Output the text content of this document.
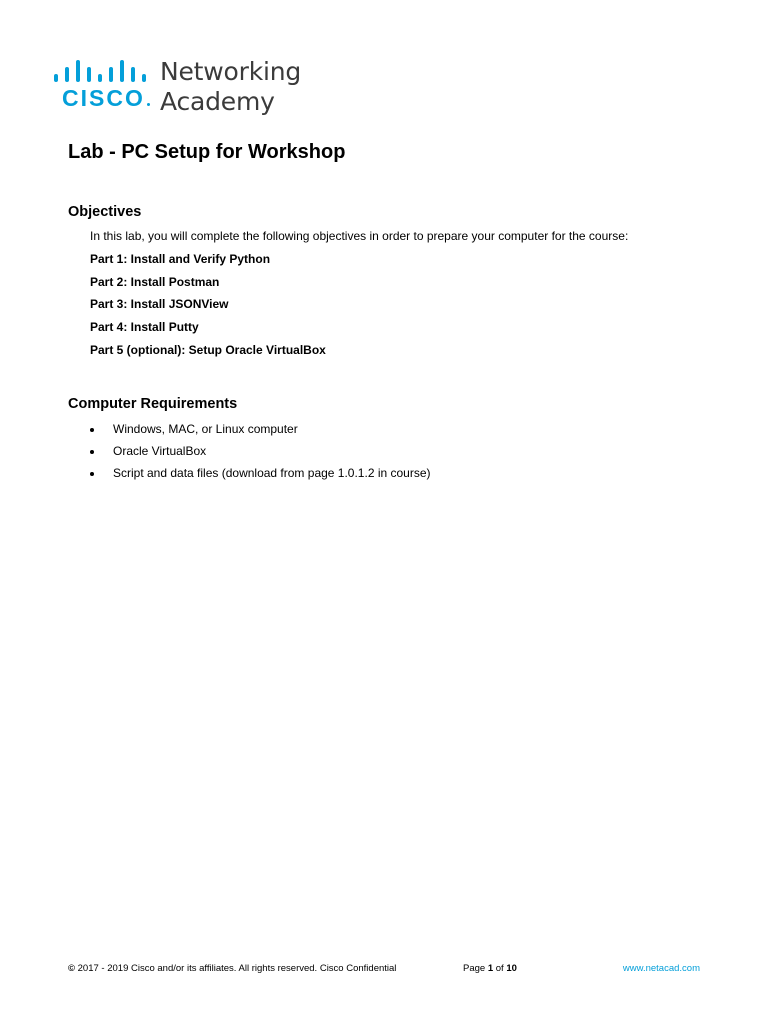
CISCO
Networking
Academy
Lab - PC Setup for Workshop
Objectives
In this lab, you will complete the following objectives in order to prepare your computer for the course:
Part 1: Install and Verify Python
Part 2: Install Postman
Part 3: Install JSONView
Part 4: Install Putty
Part 5 (optional): Setup Oracle VirtualBox
Computer Requirements
Windows, MAC, or Linux computer
Oracle VirtualBox
Script and data files (download from page 1.0.1.2 in course)
© 2017 - 2019 Cisco and/or its affiliates. All rights reserved. Cisco Confidential	Page 1 of 10	www.netacad.com
